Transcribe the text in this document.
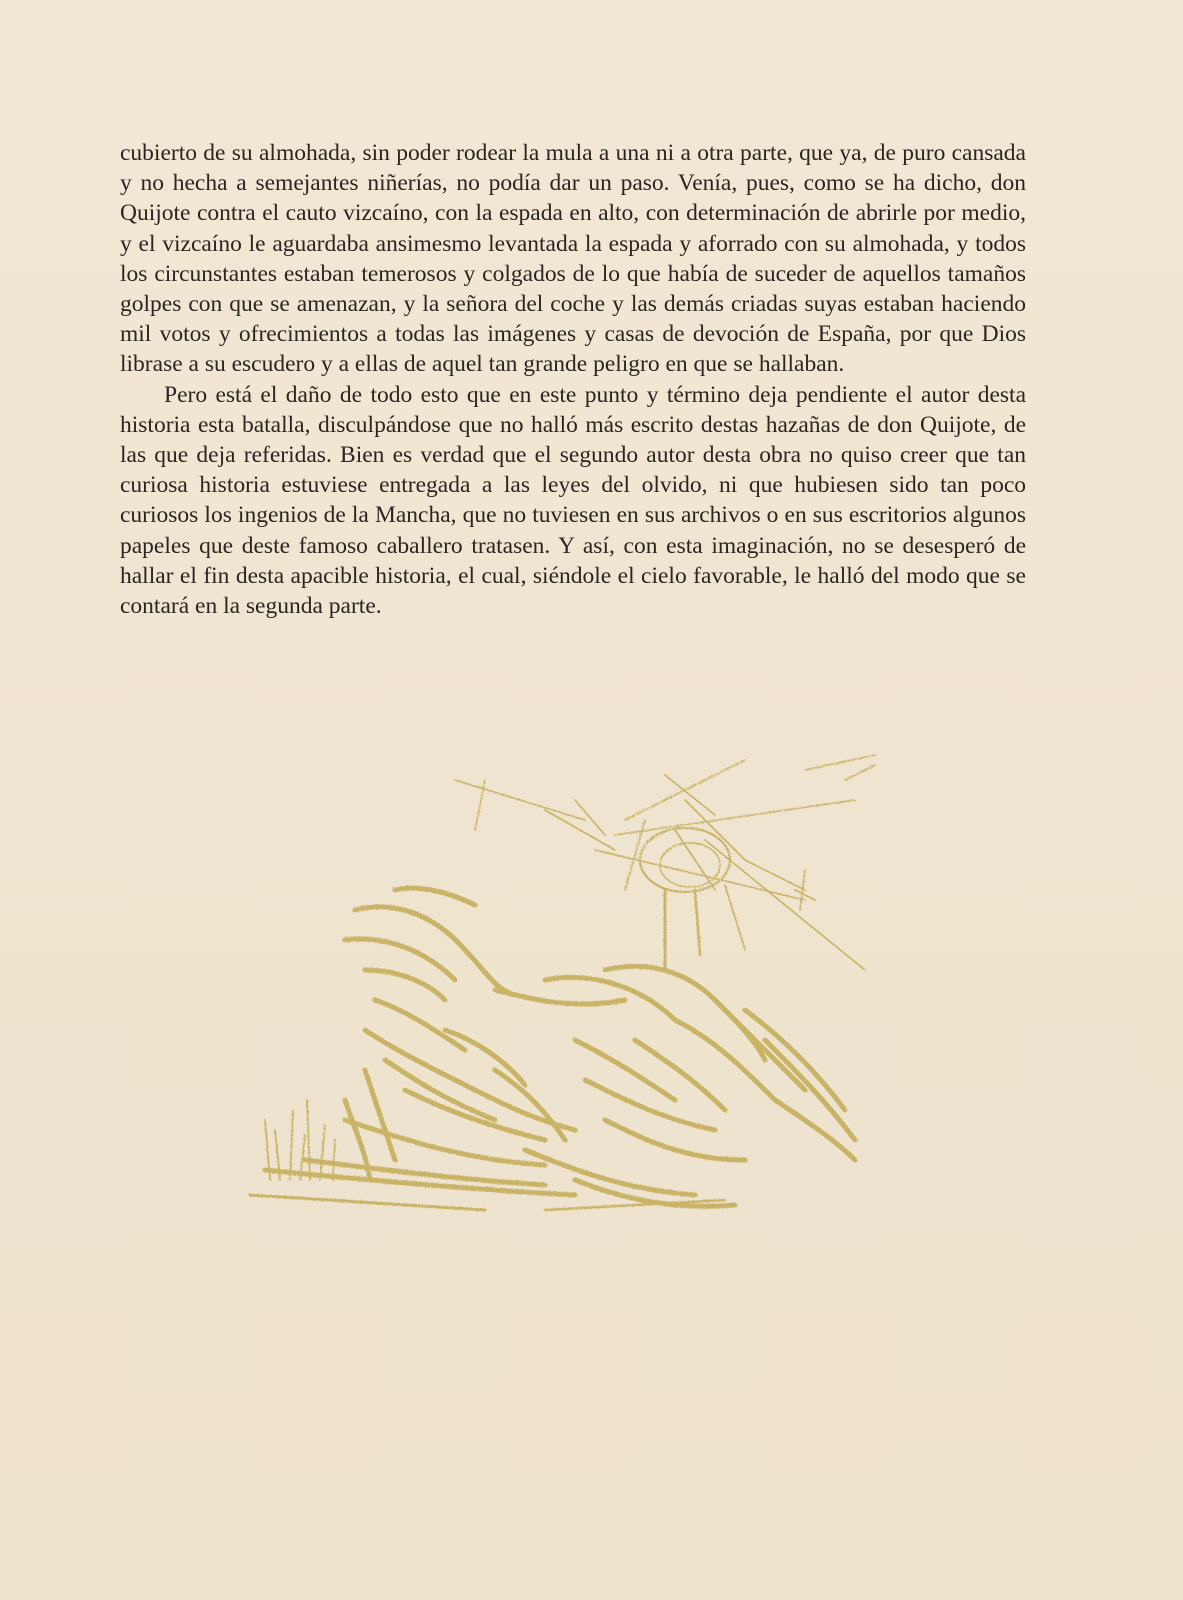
cubierto de su almohada, sin poder rodear la mula a una ni a otra parte, que ya, de puro cansada y no hecha a semejantes niñerías, no podía dar un paso. Venía, pues, como se ha dicho, don Quijote contra el cauto vizcaíno, con la espada en alto, con determinación de abrirle por medio, y el vizcaíno le aguardaba ansimesmo levantada la espada y aforrado con su almohada, y todos los circunstantes estaban temerosos y colgados de lo que había de suceder de aquellos tamaños golpes con que se amenazan, y la señora del coche y las demás criadas suyas estaban haciendo mil votos y ofrecimientos a todas las imágenes y casas de devoción de España, por que Dios librase a su escudero y a ellas de aquel tan grande peligro en que se hallaban.

Pero está el daño de todo esto que en este punto y término deja pendiente el autor desta historia esta batalla, disculpándose que no halló más escrito destas hazañas de don Quijote, de las que deja referidas. Bien es verdad que el segundo autor desta obra no quiso creer que tan curiosa historia estuviese entregada a las leyes del olvido, ni que hubiesen sido tan poco curiosos los ingenios de la Mancha, que no tuviesen en sus archivos o en sus escritorios algunos papeles que deste famoso caballero tratasen. Y así, con esta imaginación, no se desesperó de hallar el fin desta apacible historia, el cual, siéndole el cielo favorable, le halló del modo que se contará en la segunda parte.
